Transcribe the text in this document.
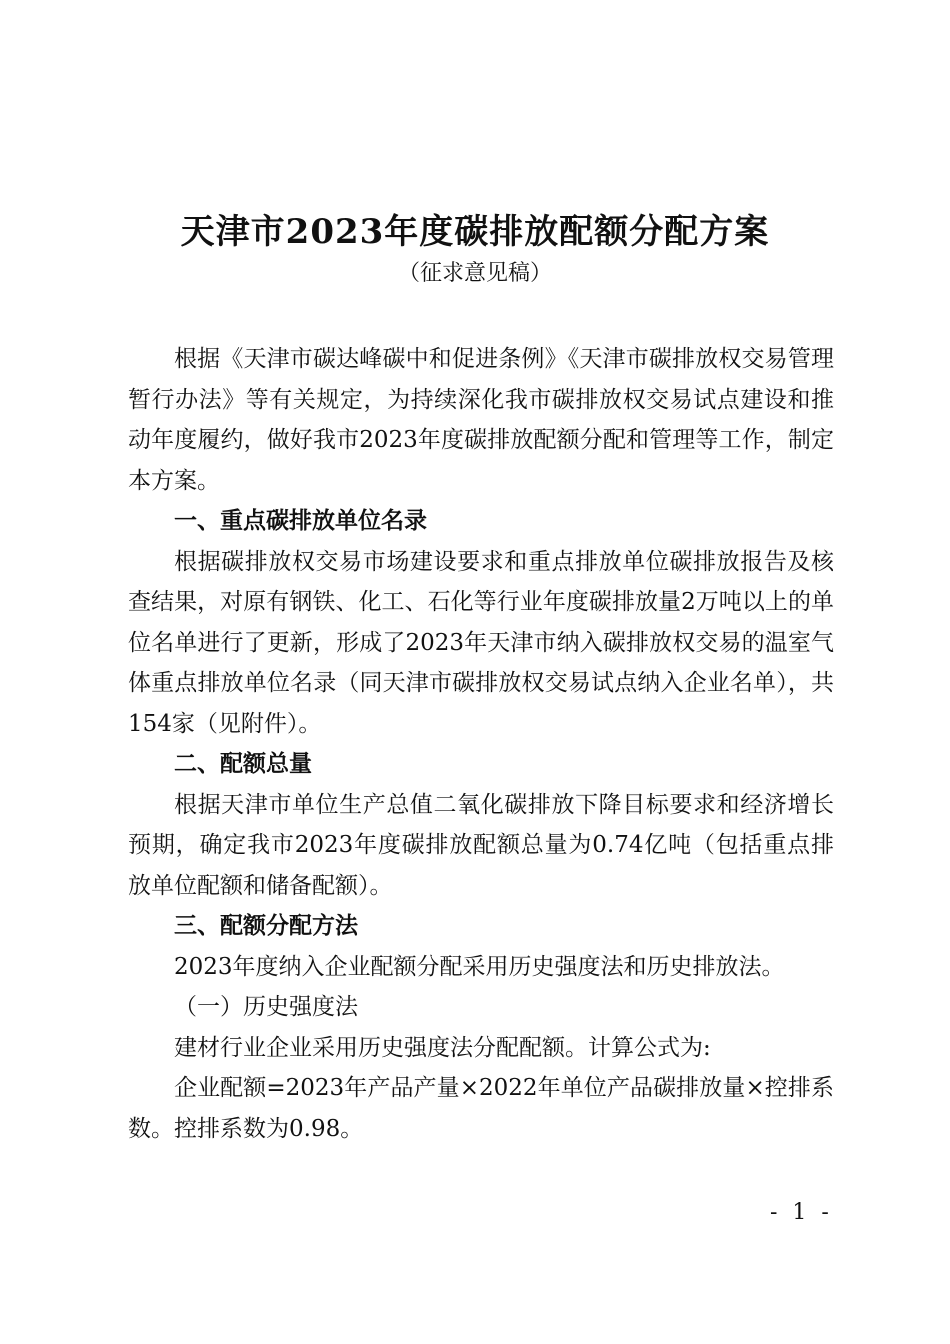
天津市2023年度碳排放配额分配方案
（征求意见稿）

根据《天津市碳达峰碳中和促进条例》《天津市碳排放权交易管理暂行办法》等有关规定，为持续深化我市碳排放权交易试点建设和推动年度履约，做好我市2023年度碳排放配额分配和管理等工作，制定本方案。

一、重点碳排放单位名录

根据碳排放权交易市场建设要求和重点排放单位碳排放报告及核查结果，对原有钢铁、化工、石化等行业年度碳排放量2万吨以上的单位名单进行了更新，形成了2023年天津市纳入碳排放权交易的温室气体重点排放单位名录（同天津市碳排放权交易试点纳入企业名单），共154家（见附件）。

二、配额总量

根据天津市单位生产总值二氧化碳排放下降目标要求和经济增长预期，确定我市2023年度碳排放配额总量为0.74亿吨（包括重点排放单位配额和储备配额）。

三、配额分配方法

2023年度纳入企业配额分配采用历史强度法和历史排放法。

（一）历史强度法

建材行业企业采用历史强度法分配配额。计算公式为:

企业配额=2023年产品产量×2022年单位产品碳排放量×控排系数。控排系数为0.98。

- 1 -
